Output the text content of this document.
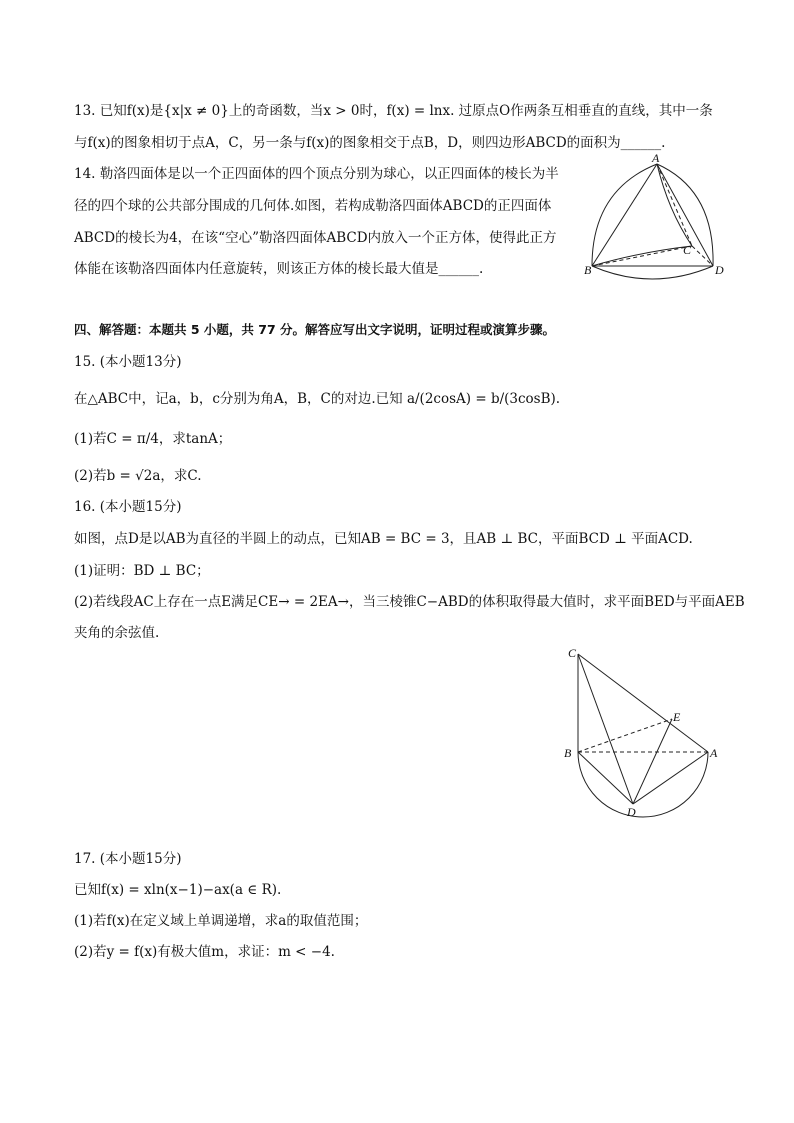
13. 已知f(x)是{x|x ≠ 0}上的奇函数，当x > 0时，f(x) = lnx. 过原点O作两条互相垂直的直线，其中一条
与f(x)的图象相切于点A，C，另一条与f(x)的图象相交于点B，D，则四边形ABCD的面积为______.
14. 勒洛四面体是以一个正四面体的四个顶点分别为球心，以正四面体的棱长为半
径的四个球的公共部分围成的几何体.如图，若构成勒洛四面体ABCD的正四面体
ABCD的棱长为4，在该“空心”勒洛四面体ABCD内放入一个正方体，使得此正方
体能在该勒洛四面体内任意旋转，则该正方体的棱长最大值是______.
A
B
C
D
四、解答题：本题共 5 小题，共 77 分。解答应写出文字说明，证明过程或演算步骤。
15. (本小题13分)
在△ABC中，记a，b，c分别为角A，B，C的对边.已知 a/(2cosA) = b/(3cosB).
(1)若C = π/4，求tanA；
(2)若b = √2a，求C.
16. (本小题15分)
如图，点D是以AB为直径的半圆上的动点，已知AB = BC = 3，且AB ⊥ BC，平面BCD ⊥ 平面ACD.
(1)证明：BD ⊥ BC；
(2)若线段AC上存在一点E满足CE→ = 2EA→，当三棱锥C−ABD的体积取得最大值时，求平面BED与平面AEB
夹角的余弦值.
C
B	A
E
D
17. (本小题15分)
已知f(x) = xln(x−1)−ax(a ∈ R).
(1)若f(x)在定义域上单调递增，求a的取值范围；
(2)若y = f(x)有极大值m，求证：m < −4.
